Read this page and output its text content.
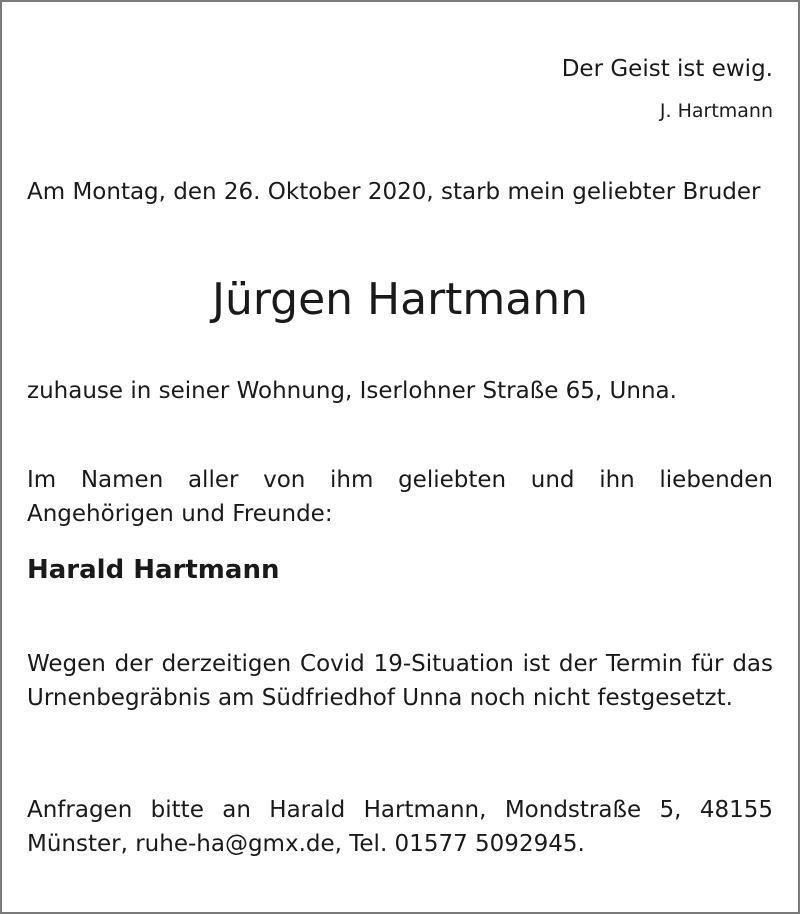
Der Geist ist ewig.

J. Hartmann

Am Montag, den 26. Oktober 2020, starb mein geliebter Bruder

Jürgen Hartmann

zuhause in seiner Wohnung, Iserlohner Straße 65, Unna.

Im Namen aller von ihm geliebten und ihn liebenden Angehörigen und Freunde:

Harald Hartmann

Wegen der derzeitigen Covid 19-Situation ist der Termin für das Urnenbegräbnis am Südfriedhof Unna noch nicht festgesetzt.

Anfragen bitte an Harald Hartmann, Mondstraße 5, 48155 Münster, ruhe-ha@gmx.de, Tel. 01577 5092945.
